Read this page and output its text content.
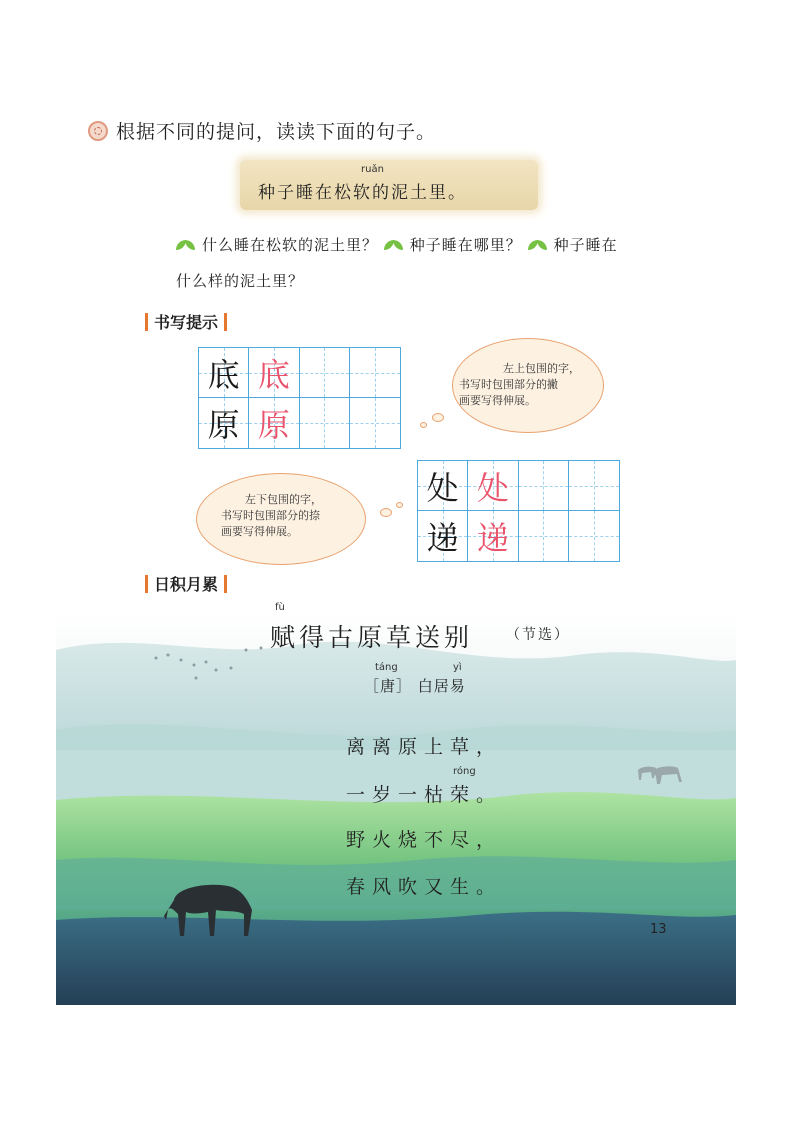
根据不同的提问，读读下面的句子。
ruǎn
种子睡在松软的泥土里。
什么睡在松软的泥土里？ 种子睡在哪里？ 种子睡在
什么样的泥土里？
书写提示
底 底
原 原
左上包围的字，
书写时包围部分的撇
画要写得伸展。
处 处
递 递
左下包围的字，
书写时包围部分的捺
画要写得伸展。
日积月累
fù
赋得古原草送别 （节选）
táng	yì
［唐］ 白居易
离离原上草，
róng
一岁一枯荣。
野火烧不尽，
春风吹又生。
13
